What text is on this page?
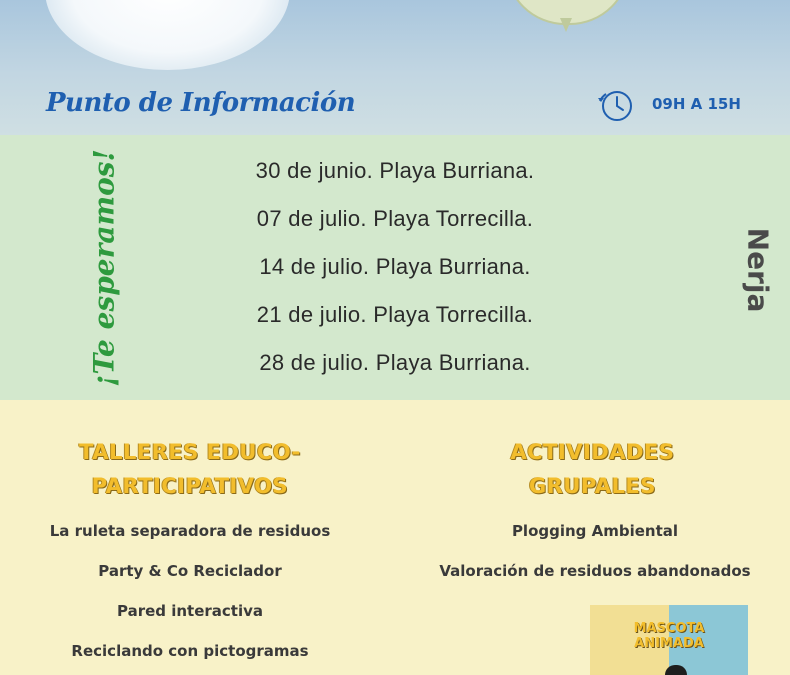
Punto de Información	09H A 15H
¡Te esperamos!	30 de junio. Playa Burriana.
07 de julio. Playa Torrecilla.
14 de julio. Playa Burriana.
21 de julio. Playa Torrecilla.
28 de julio. Playa Burriana.
Nerja
TALLERES EDUCO-
PARTICIPATIVOS
La ruleta separadora de residuos
Party & Co Reciclador
Pared interactiva
Reciclando con pictogramas
ACTIVIDADES
GRUPALES
Plogging Ambiental
Valoración de residuos abandonados
MASCOTA
ANIMADA
